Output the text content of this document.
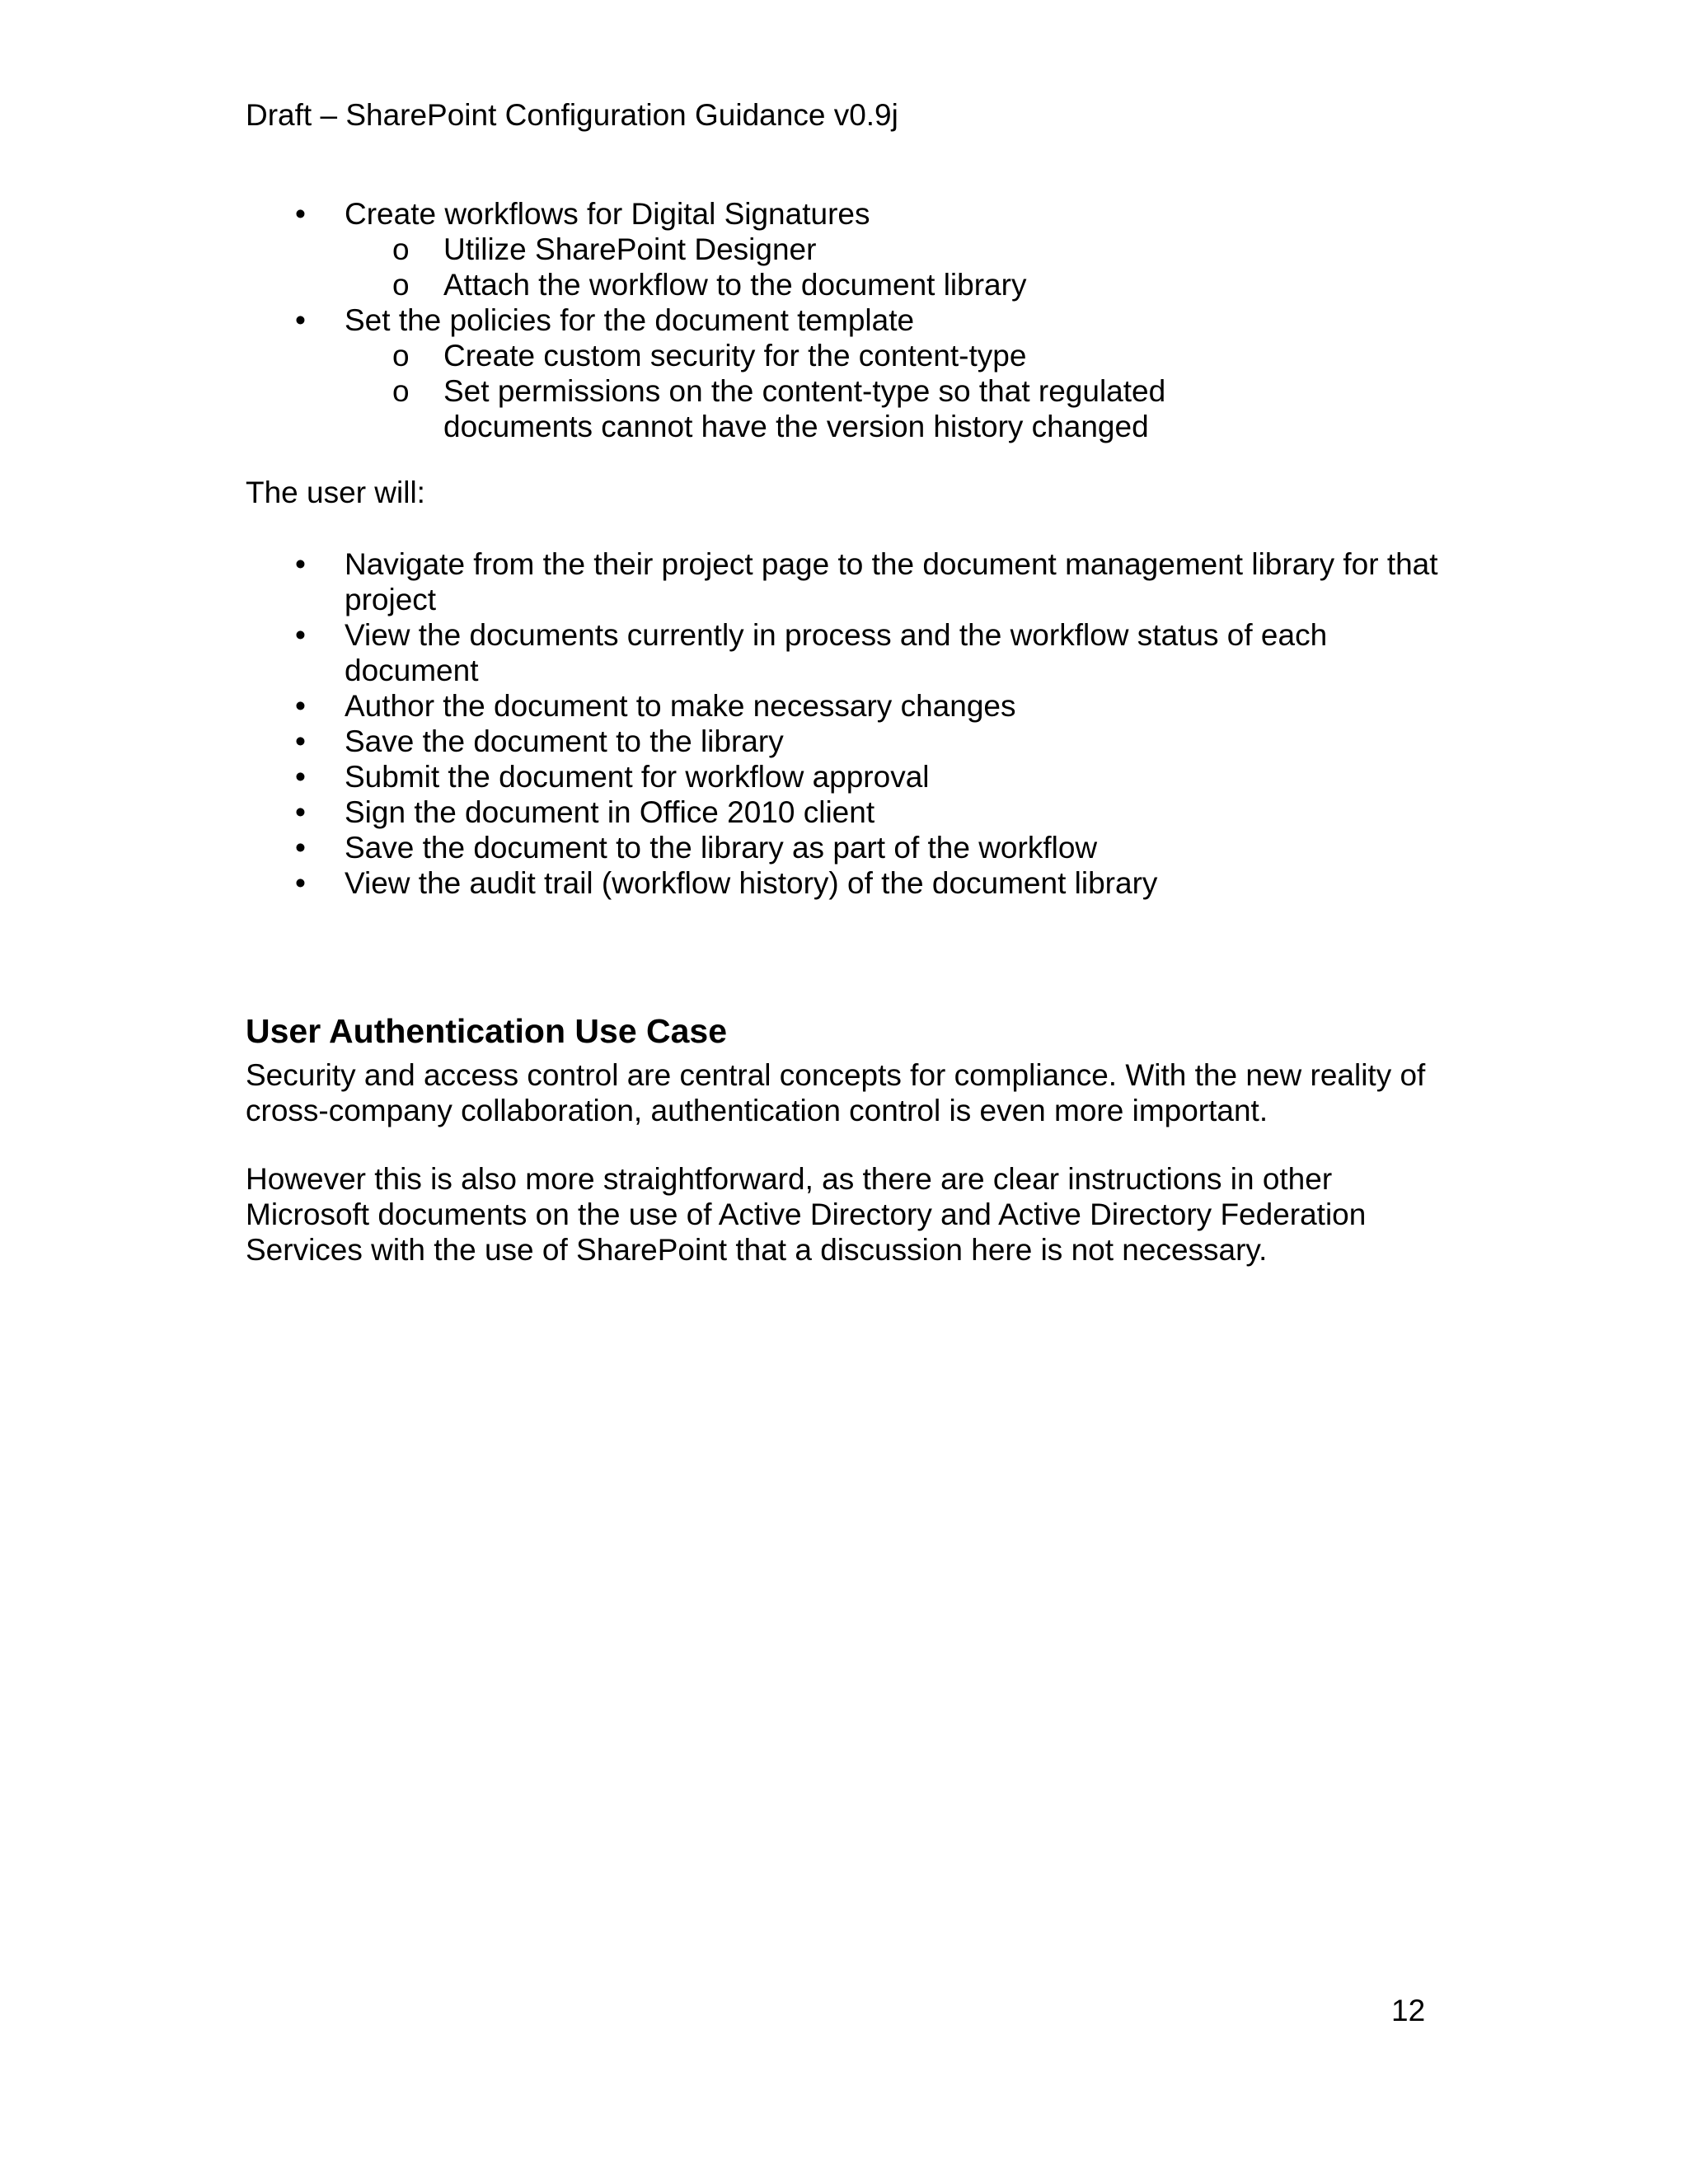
Draft – SharePoint Configuration Guidance v0.9j
•	Create workflows for Digital Signatures
o Utilize SharePoint Designer
o Attach the workflow to the document library
•	Set the policies for the document template
o Create custom security for the content-type
o Set permissions on the content-type so that regulated documents cannot have the version history changed
The user will:
•	Navigate from the their project page to the document management library for that project
•	View the documents currently in process and the workflow status of each document
•	Author the document to make necessary changes
•	Save the document to the library
•	Submit the document for workflow approval
•	Sign the document in Office 2010 client
•	Save the document to the library as part of the workflow
•	View the audit trail (workflow history) of the document library
User Authentication Use Case
Security and access control are central concepts for compliance. With the new reality of cross-company collaboration, authentication control is even more important.
However this is also more straightforward, as there are clear instructions in other Microsoft documents on the use of Active Directory and Active Directory Federation Services with the use of SharePoint that a discussion here is not necessary.
12
